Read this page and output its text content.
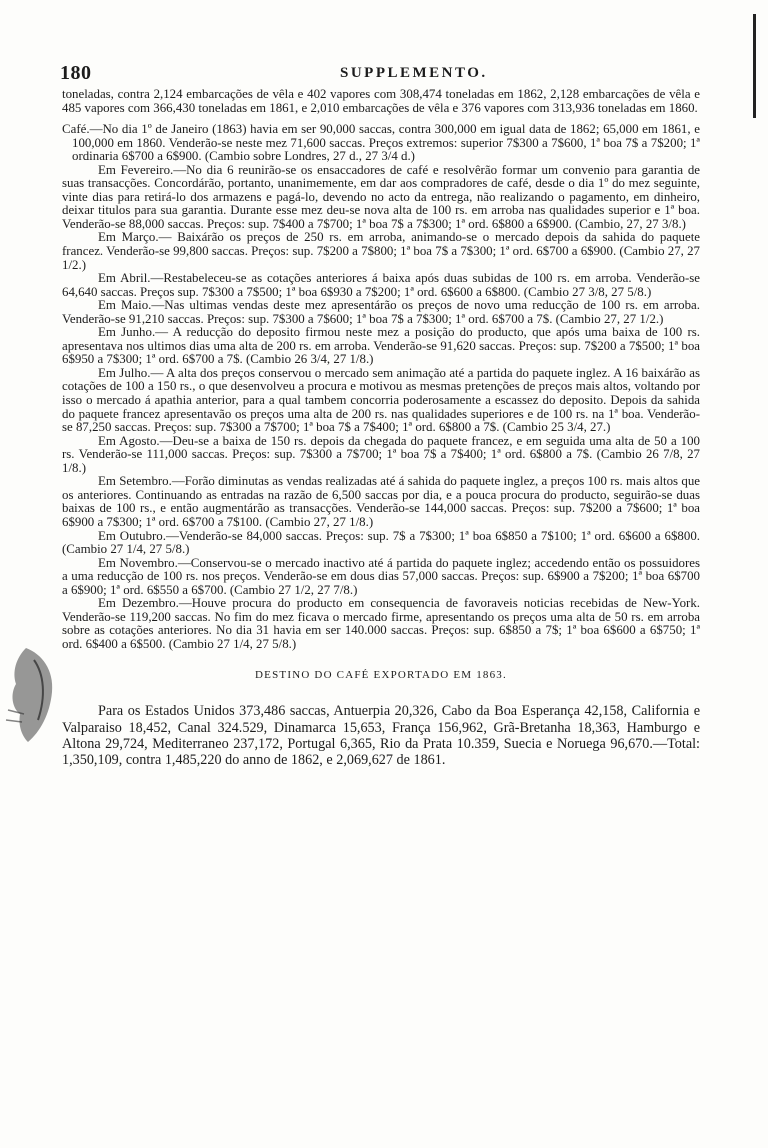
180	SUPPLEMENTO.

toneladas, contra 2,124 embarcações de vêla e 402 vapores com 308,474 toneladas em 1862, 2,128 embarcações de vêla e 485 vapores com 366,430 toneladas em 1861, e 2,010 embarcações de vêla e 376 vapores com 313,936 toneladas em 1860.

Café.—No dia 1º de Janeiro (1863) havia em ser 90,000 saccas, contra 300,000 em igual data de 1862; 65,000 em 1861, e 100,000 em 1860. Venderão-se neste mez 71,600 saccas. Preços extremos: superior 7$300 a 7$600, 1ª boa 7$ a 7$200; 1ª ordinaria 6$700 a 6$900. (Cambio sobre Londres, 27 d., 27 3/4 d.)

Em Fevereiro.—No dia 6 reunirão-se os ensaccadores de café e resolvêrão formar um convenio para garantia de suas transacções. Concordárão, portanto, unanimemente, em dar aos compradores de café, desde o dia 1º do mez seguinte, vinte dias para retirá-lo dos armazens e pagá-lo, devendo no acto da entrega, não realizando o pagamento, em dinheiro, deixar titulos para sua garantia. Durante esse mez deu-se nova alta de 100 rs. em arroba nas qualidades superior e 1ª boa. Venderão-se 88,000 saccas. Preços: sup. 7$400 a 7$700; 1ª boa 7$ a 7$300; 1ª ord. 6$800 a 6$900. (Cambio, 27, 27 3/8.)

Em Março.— Baixárão os preços de 250 rs. em arroba, animando-se o mercado depois da sahida do paquete francez. Venderão-se 99,800 saccas. Preços: sup. 7$200 a 7$800; 1ª boa 7$ a 7$300; 1ª ord. 6$700 a 6$900. (Cambio 27, 27 1/2.)

Em Abril.—Restabeleceu-se as cotações anteriores á baixa após duas subidas de 100 rs. em arroba. Venderão-se 64,640 saccas. Preços sup. 7$300 a 7$500; 1ª boa 6$930 a 7$200; 1ª ord. 6$600 a 6$800. (Cambio 27 3/8, 27 5/8.)

Em Maio.—Nas ultimas vendas deste mez apresentárão os preços de novo uma reducção de 100 rs. em arroba. Venderão-se 91,210 saccas. Preços: sup. 7$300 a 7$600; 1ª boa 7$ a 7$300; 1ª ord. 6$700 a 7$. (Cambio 27, 27 1/2.)

Em Junho.— A reducção do deposito firmou neste mez a posição do producto, que após uma baixa de 100 rs. apresentava nos ultimos dias uma alta de 200 rs. em arroba. Venderão-se 91,620 saccas. Preços: sup. 7$200 a 7$500; 1ª boa 6$950 a 7$300; 1ª ord. 6$700 a 7$. (Cambio 26 3/4, 27 1/8.)

Em Julho.— A alta dos preços conservou o mercado sem animação até a partida do paquete inglez. A 16 baixárão as cotações de 100 a 150 rs., o que desenvolveu a procura e motivou as mesmas pretenções de preços mais altos, voltando por isso o mercado á apathia anterior, para a qual tambem concorria poderosamente a escassez do deposito. Depois da sahida do paquete francez apresentavão os preços uma alta de 200 rs. nas qualidades superiores e de 100 rs. na 1ª boa. Venderão-se 87,250 saccas. Preços: sup. 7$300 a 7$700; 1ª boa 7$ a 7$400; 1ª ord. 6$800 a 7$. (Cambio 25 3/4, 27.)

Em Agosto.—Deu-se a baixa de 150 rs. depois da chegada do paquete francez, e em seguida uma alta de 50 a 100 rs. Venderão-se 111,000 saccas. Preços: sup. 7$300 a 7$700; 1ª boa 7$ a 7$400; 1ª ord. 6$800 a 7$. (Cambio 26 7/8, 27 1/8.)

Em Setembro.—Forão diminutas as vendas realizadas até á sahida do paquete inglez, a preços 100 rs. mais altos que os anteriores. Continuando as entradas na razão de 6,500 saccas por dia, e a pouca procura do producto, seguirão-se duas baixas de 100 rs., e então augmentárão as transacções. Venderão-se 144,000 saccas. Preços: sup. 7$200 a 7$600; 1ª boa 6$900 a 7$300; 1ª ord. 6$700 a 7$100. (Cambio 27, 27 1/8.)

Em Outubro.—Venderão-se 84,000 saccas. Preços: sup. 7$ a 7$300; 1ª boa 6$850 a 7$100; 1ª ord. 6$600 a 6$800. (Cambio 27 1/4, 27 5/8.)

Em Novembro.—Conservou-se o mercado inactivo até á partida do paquete inglez; accedendo então os possuidores a uma reducção de 100 rs. nos preços. Venderão-se em dous dias 57,000 saccas. Preços: sup. 6$900 a 7$200; 1ª boa 6$700 a 6$900; 1ª ord. 6$550 a 6$700. (Cambio 27 1/2, 27 7/8.)

Em Dezembro.—Houve procura do producto em consequencia de favoraveis noticias recebidas de New-York. Venderão-se 119,200 saccas. No fim do mez ficava o mercado firme, apresentando os preços uma alta de 50 rs. em arroba sobre as cotações anteriores. No dia 31 havia em ser 140.000 saccas. Preços: sup. 6$850 a 7$; 1ª boa 6$600 a 6$750; 1ª ord. 6$400 a 6$500. (Cambio 27 1/4, 27 5/8.)

DESTINO DO CAFÉ EXPORTADO EM 1863.

Para os Estados Unidos 373,486 saccas, Antuerpia 20,326, Cabo da Boa Esperança 42,158, California e Valparaiso 18,452, Canal 324.529, Dinamarca 15,653, França 156,962, Grã-Bretanha 18,363, Hamburgo e Altona 29,724, Mediterraneo 237,172, Portugal 6,365, Rio da Prata 10.359, Suecia e Noruega 96,670.—Total: 1,350,109, contra 1,485,220 do anno de 1862, e 2,069,627 de 1861.
